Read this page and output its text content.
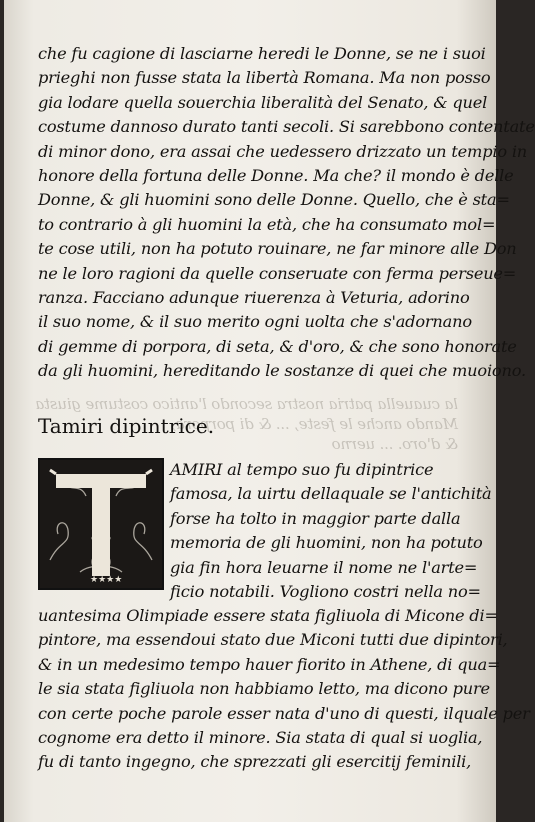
che fu cagione di lasciarne heredi le Donne, se ne i suoi
prieghi non fusse stata la libertà Romana. Ma non posso
gia lodare quella souerchia liberalità del Senato, & quel
costume dannoso durato tanti secoli. Si sarebbono contentate
di minor dono, era assai che uedessero drizzato un tempio in
honore della fortuna delle Donne. Ma che? il mondo è delle
Donne, & gli huomini sono delle Donne. Quello, che è sta=
to contrario à gli huomini la età, che ha consumato mol=
te cose utili, non ha potuto rouinare, ne far minore alle Don
ne le loro ragioni da quelle conseruate con ferma perseue=
ranza. Facciano adunque riuerenza à Veturia, adorino
il suo nome, & il suo merito ogni uolta che s'adornano
di gemme di porpora, di seta, & d'oro, & che sono honorate
da gli huomini, hereditando le sostanze di quei che muoiono.
la cuauella patria nostra secondo l'antico costume giusta
Mando anche le feste, ... & di porpora,
& d'oro. ... uerno
Tamiri dipintrice.
★★★★
AMIRI al tempo suo fu dipintrice
famosa, la uirtu dellaquale se l'antichità
forse ha tolto in maggior parte dalla
memoria de gli huomini, non ha potuto
gia fin hora leuarne il nome ne l'arte=
ficio notabili. Vogliono costri nella no=
uantesima Olimpiade essere stata figliuola di Micone di=
pintore, ma essendoui stato due Miconi tutti due dipintori,
& in un medesimo tempo hauer fiorito in Athene, di qua=
le sia stata figliuola non habbiamo letto, ma dicono pure
con certe poche parole esser nata d'uno di questi, ilquale per
cognome era detto il minore. Sia stata di qual si uoglia,
fu di tanto ingegno, che sprezzati gli esercitij feminili,
